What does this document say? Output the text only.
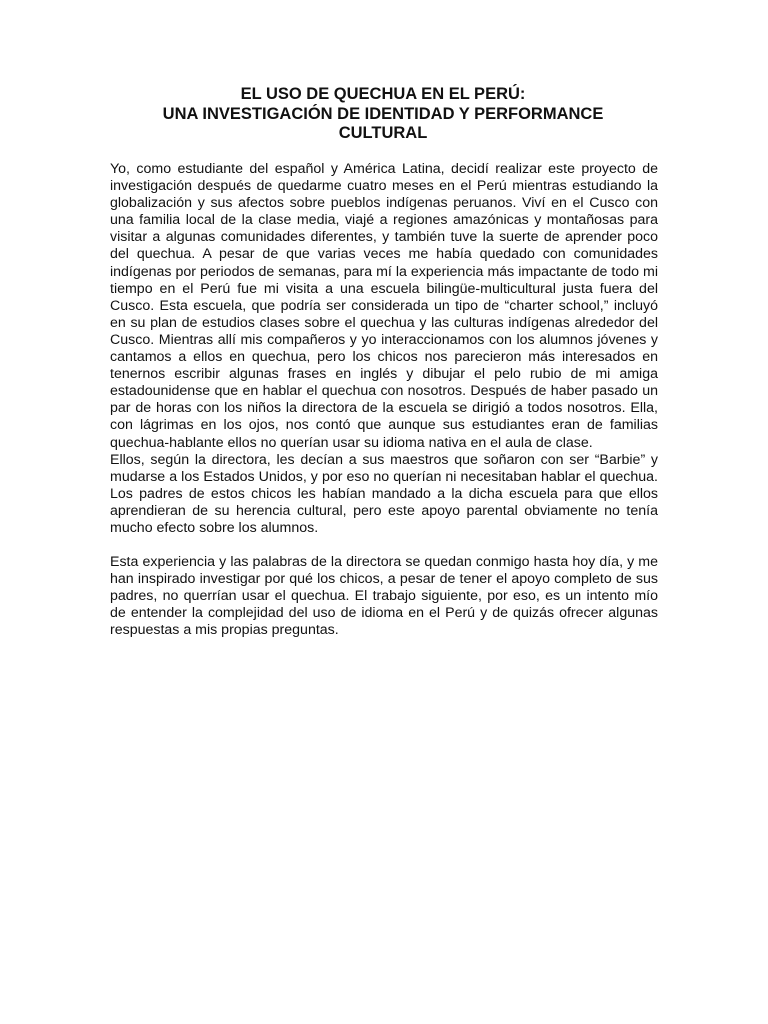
EL USO DE QUECHUA EN EL PERÚ:
UNA INVESTIGACIÓN DE IDENTIDAD Y PERFORMANCE
CULTURAL

Yo, como estudiante del español y América Latina, decidí realizar este proyecto de investigación después de quedarme cuatro meses en el Perú mientras estudiando la globalización y sus afectos sobre pueblos indígenas peruanos. Viví en el Cusco con una familia local de la clase media, viajé a regiones amazónicas y montañosas para visitar a algunas comunidades diferentes, y también tuve la suerte de aprender poco del quechua. A pesar de que varias veces me había quedado con comunidades indígenas por periodos de semanas, para mí la experiencia más impactante de todo mi tiempo en el Perú fue mi visita a una escuela bilingüe-multicultural justa fuera del Cusco. Esta escuela, que podría ser considerada un tipo de “charter school,” incluyó en su plan de estudios clases sobre el quechua y las culturas indígenas alrededor del Cusco. Mientras allí mis compañeros y yo interaccionamos con los alumnos jóvenes y cantamos a ellos en quechua, pero los chicos nos parecieron más interesados en tenernos escribir algunas frases en inglés y dibujar el pelo rubio de mi amiga estadounidense que en hablar el quechua con nosotros. Después de haber pasado un par de horas con los niños la directora de la escuela se dirigió a todos nosotros. Ella, con lágrimas en los ojos, nos contó que aunque sus estudiantes eran de familias quechua-hablante ellos no querían usar su idioma nativa en el aula de clase.

Ellos, según la directora, les decían a sus maestros que soñaron con ser “Barbie” y mudarse a los Estados Unidos, y por eso no querían ni necesitaban hablar el quechua. Los padres de estos chicos les habían mandado a la dicha escuela para que ellos aprendieran de su herencia cultural, pero este apoyo parental obviamente no tenía mucho efecto sobre los alumnos.

Esta experiencia y las palabras de la directora se quedan conmigo hasta hoy día, y me han inspirado investigar por qué los chicos, a pesar de tener el apoyo completo de sus padres, no querrían usar el quechua. El trabajo siguiente, por eso, es un intento mío de entender la complejidad del uso de idioma en el Perú y de quizás ofrecer algunas respuestas a mis propias preguntas.
